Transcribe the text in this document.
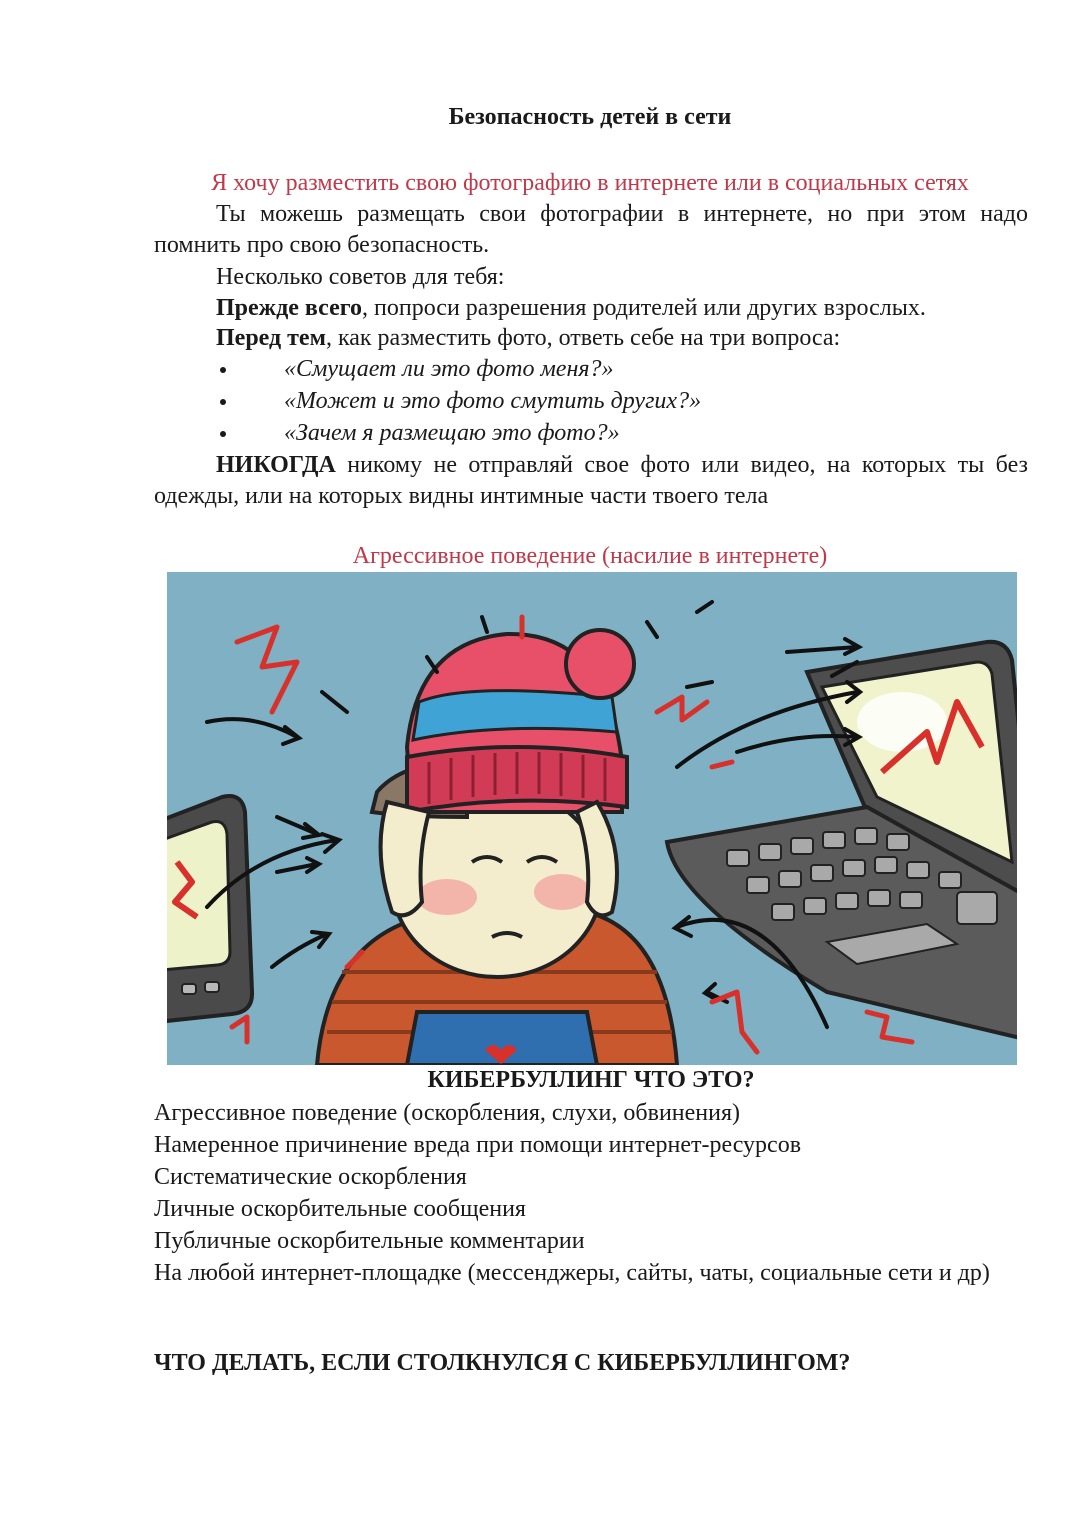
Безопасность детей в сети
Я хочу разместить свою фотографию в интернете или в социальных сетях
Ты можешь размещать свои фотографии в интернете, но при этом надо помнить про свою безопасность.
Несколько советов для тебя:
Прежде всего, попроси разрешения родителей или других взрослых.
Перед тем, как разместить фото, ответь себе на три вопроса:
«Смущает ли это фото меня?»
«Может и это фото смутить других?»
«Зачем я размещаю это фото?»
НИКОГДА никому не отправляй свое фото или видео, на которых ты без одежды, или на которых видны интимные части твоего тела
Агрессивное поведение (насилие в интернете)
КИБЕРБУЛЛИНГ ЧТО ЭТО?
Агрессивное поведение (оскорбления, слухи, обвинения)
Намеренное причинение вреда при помощи интернет-ресурсов
Систематические оскорбления
Личные оскорбительные сообщения
Публичные оскорбительные комментарии
На любой интернет-площадке (мессенджеры, сайты, чаты, социальные сети и др)
ЧТО ДЕЛАТЬ, ЕСЛИ СТОЛКНУЛСЯ С КИБЕРБУЛЛИНГОМ?
